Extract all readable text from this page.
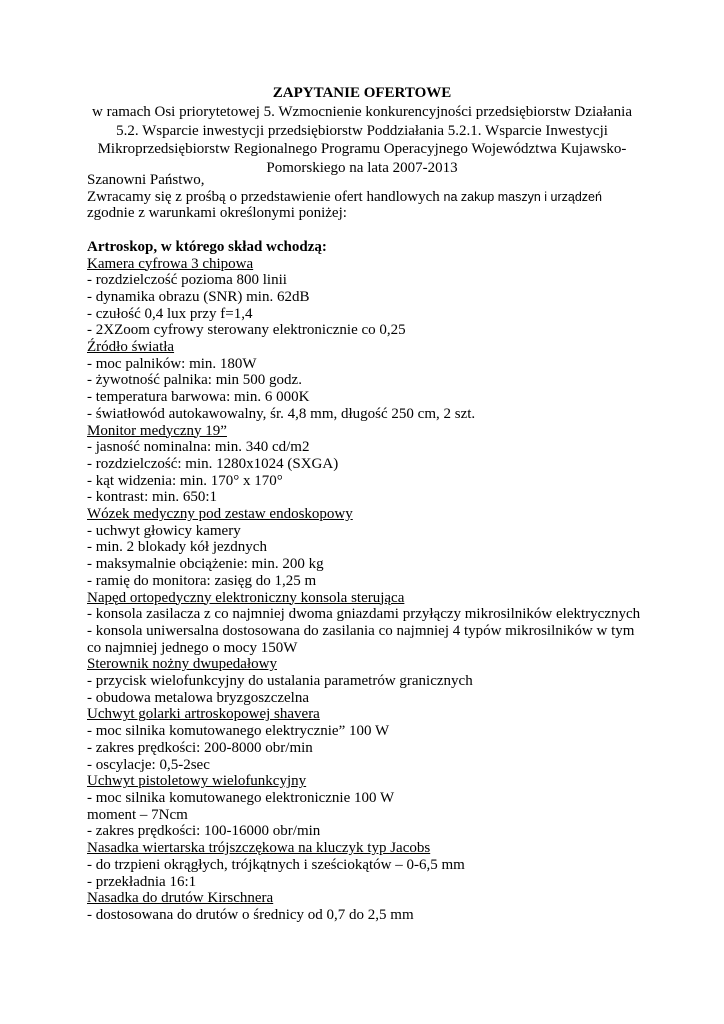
ZAPYTANIE OFERTOWE
w ramach Osi priorytetowej 5. Wzmocnienie konkurencyjności przedsiębiorstw Działania 5.2. Wsparcie inwestycji przedsiębiorstw Poddziałania 5.2.1. Wsparcie Inwestycji Mikroprzedsiębiorstw Regionalnego Programu Operacyjnego Województwa Kujawsko-Pomorskiego na lata 2007-2013
Szanowni Państwo,
Zwracamy się z prośbą o przedstawienie ofert handlowych na zakup maszyn i urządzeń
zgodnie z warunkami określonymi poniżej:
Artroskop, w którego skład wchodzą:
Kamera cyfrowa 3 chipowa
- rozdzielczość pozioma 800 linii
- dynamika obrazu (SNR) min. 62dB
- czułość 0,4 lux przy f=1,4
- 2XZoom cyfrowy sterowany elektronicznie co 0,25
Źródło światła
- moc palników: min. 180W
- żywotność palnika: min 500 godz.
- temperatura barwowa: min. 6 000K
- światłowód autokawowalny, śr. 4,8 mm, długość 250 cm, 2 szt.
Monitor medyczny 19”
- jasność nominalna: min. 340 cd/m2
- rozdzielczość: min. 1280x1024 (SXGA)
- kąt widzenia: min. 170° x 170°
- kontrast: min. 650:1
Wózek medyczny pod zestaw endoskopowy
- uchwyt głowicy kamery
- min. 2 blokady kół jezdnych
- maksymalnie obciążenie: min. 200 kg
- ramię do monitora: zasięg do 1,25 m
Napęd ortopedyczny elektroniczny konsola sterująca
- konsola zasilacza z co najmniej dwoma gniazdami przyłączy mikrosilników elektrycznych
- konsola uniwersalna dostosowana do zasilania co najmniej 4 typów mikrosilników w tym co najmniej jednego o mocy 150W
Sterownik nożny dwupedałowy
- przycisk wielofunkcyjny do ustalania parametrów granicznych
- obudowa metalowa bryzgoszczelna
Uchwyt golarki artroskopowej shavera
- moc silnika komutowanego elektrycznie” 100 W
- zakres prędkości: 200-8000 obr/min
- oscylacje: 0,5-2sec
Uchwyt pistoletowy wielofunkcyjny
- moc silnika komutowanego elektronicznie 100 W
moment – 7Ncm
- zakres prędkości: 100-16000 obr/min
Nasadka wiertarska trójszczękowa na kluczyk typ Jacobs
- do trzpieni okrągłych, trójkątnych i sześciokątów – 0-6,5 mm
- przekładnia 16:1
Nasadka do drutów Kirschnera
- dostosowana do drutów o średnicy od 0,7 do 2,5 mm
